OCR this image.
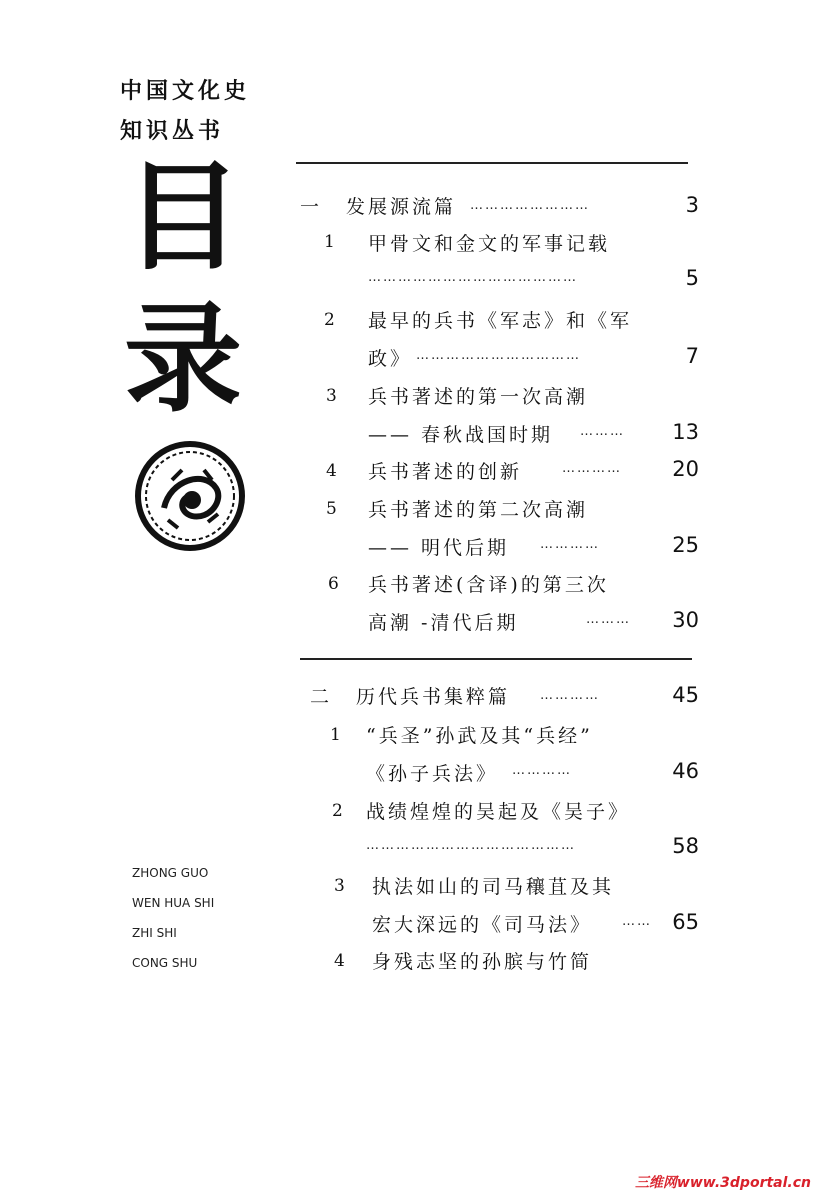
中国文化史
知识丛书
目
录
ZHONG GUO
WEN HUA SHI
ZHI SHI
CONG SHU
一 发展源流篇 ……………………	3
1 甲骨文和金文的军事记载
……………………………………	5
2 最早的兵书《军志》和《军
政》 ……………………………	7
3 兵书著述的第一次高潮
—— 春秋战国时期 ……… 13
4 兵书著述的创新	………… 20
5 兵书著述的第二次高潮
—— 明代后期 …………	25
6 兵书著述(含译)的第三次
高潮 -清代后期	……… 30
二 历代兵书集粹篇 …………	45
1 “兵圣”孙武及其“兵经”
《孙子兵法》 …………	46
2 战绩煌煌的吴起及《吴子》
……………………………………	58
3 执法如山的司马穰苴及其
宏大深远的《司马法》 …… 65
4 身残志坚的孙膑与竹简
三维网www.3dportal.cn
